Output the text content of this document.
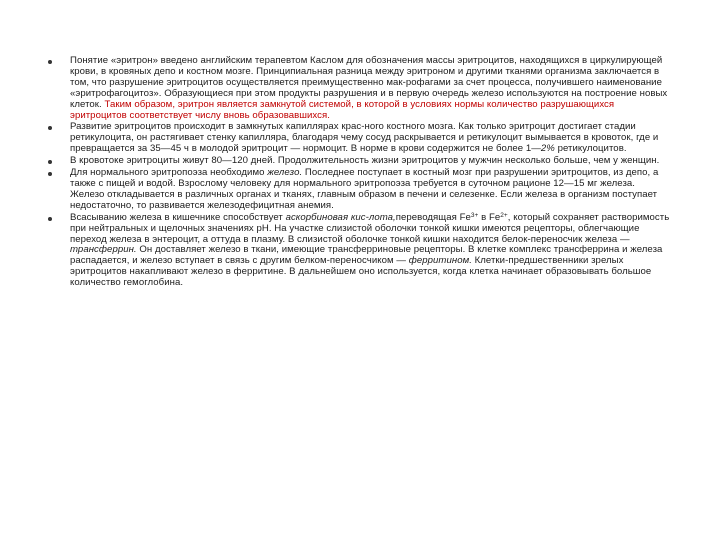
Понятие «эритрон» введено английским терапевтом Каслом для обозначения массы эритроцитов, находящихся в циркулирующей крови, в кровяных депо и костном мозге. Принципиальная разница между эритроном и другими тканями организма заключается в том, что разрушение эритроцитов осуществляется преимущественно мак-рофагами за счет процесса, получившего наименование «эритрофагоцитоз». Образующиеся при этом продукты разрушения и в первую очередь железо используются на построение новых клеток. Таким образом, эритрон является замкнутой системой, в которой в условиях нормы количество разрушающихся эритроцитов соответствует числу вновь образовавшихся.
Развитие эритроцитов происходит в замкнутых капиллярах крас-ного костного мозга. Как только эритроцит достигает стадии ретикулоцита, он растягивает стенку капилляра, благодаря чему сосуд раскрывается и ретикулоцит вымывается в кровоток, где и превращается за 35—45 ч в молодой эритроцит — нормоцит. В норме в крови содержится не более 1—2% ретикулоцитов.
В кровотоке эритроциты живут 80—120 дней. Продолжительность жизни эритроцитов у мужчин несколько больше, чем у женщин.
Для нормального эритропоэза необходимо железо. Последнее поступает в костный мозг при разрушении эритроцитов, из депо, а также с пищей и водой. Взрослому человеку для нормального эритропоэза требуется в суточном рационе 12—15 мг железа. Железо откладывается в различных органах и тканях, главным образом в печени и селезенке. Если железа в организм поступает недостаточно, то развивается железодефицитная анемия.
Всасыванию железа в кишечнике способствует аскорбиновая кис-лота,переводящая $Fe^{3+}$ в $Fe^{2+}$, который сохраняет растворимость при нейтральных и щелочных значениях рН. На участке слизистой оболочки тонкой кишки имеются рецепторы, облегчающие переход железа в энтероцит, а оттуда в плазму. В слизистой оболочке тонкой кишки находится белок-переносчик железа — трансферрин. Он доставляет железо в ткани, имеющие трансферриновые рецепторы. В клетке комплекс трансферрина и железа распадается, и железо вступает в связь с другим белком-переносчиком — ферритином. Клетки-предшественники зрелых эритроцитов накапливают железо в ферритине. В дальнейшем оно используется, когда клетка начинает образовывать большое количество гемоглобина.
